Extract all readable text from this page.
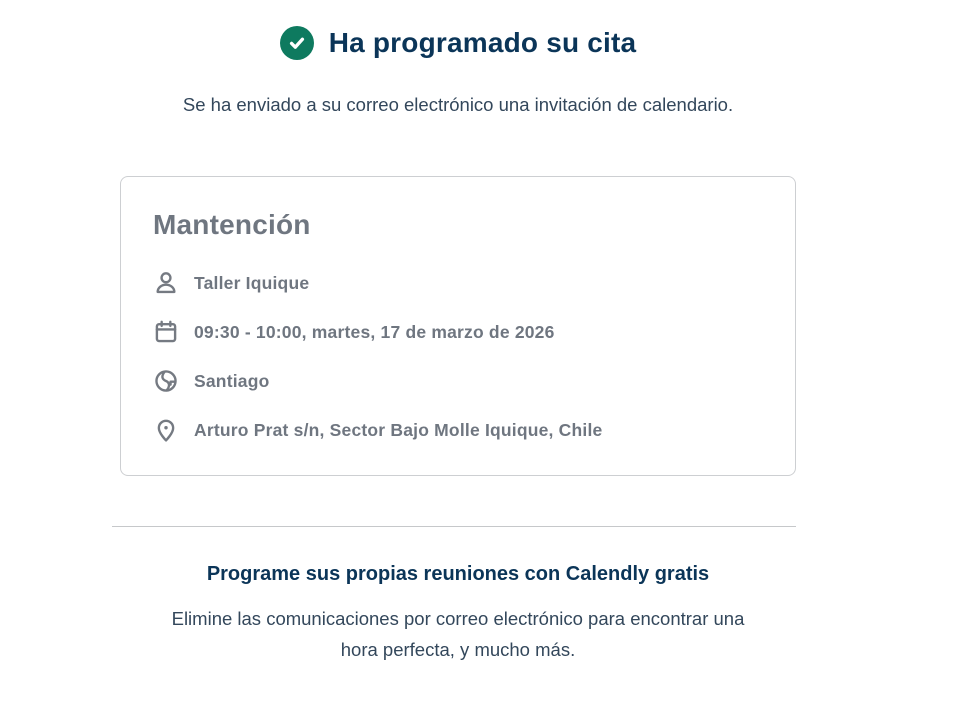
Ha programado su cita

Se ha enviado a su correo electrónico una invitación de calendario.

Mantención
Taller Iquique
09:30 - 10:00, martes, 17 de marzo de 2026
Santiago
Arturo Prat s/n, Sector Bajo Molle Iquique, Chile
Programe sus propias reuniones con Calendly gratis

Elimine las comunicaciones por correo electrónico para encontrar una
hora perfecta, y mucho más.
